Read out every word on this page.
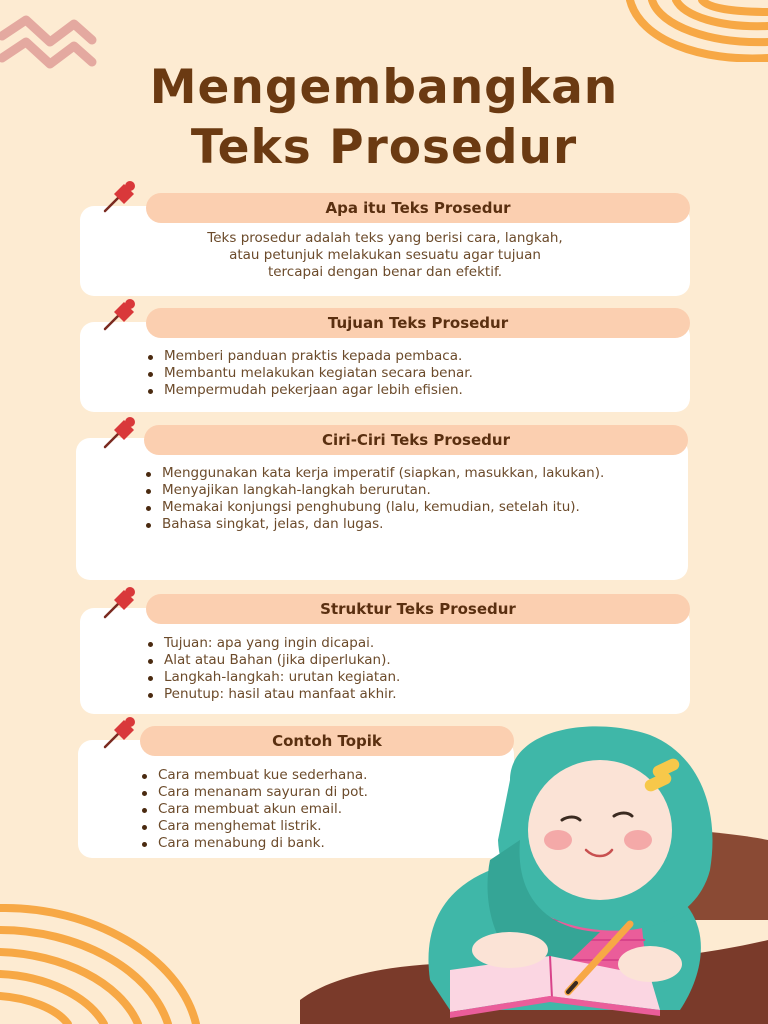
Mengembangkan
Teks Prosedur
Apa itu Teks Prosedur
Teks prosedur adalah teks yang berisi cara, langkah,
atau petunjuk melakukan sesuatu agar tujuan
tercapai dengan benar dan efektif.
Tujuan Teks Prosedur
Memberi panduan praktis kepada pembaca.
Membantu melakukan kegiatan secara benar.
Mempermudah pekerjaan agar lebih efisien.
Ciri-Ciri Teks Prosedur
Menggunakan kata kerja imperatif (siapkan, masukkan, lakukan).
Menyajikan langkah-langkah berurutan.
Memakai konjungsi penghubung (lalu, kemudian, setelah itu).
Bahasa singkat, jelas, dan lugas.
Struktur Teks Prosedur
Tujuan: apa yang ingin dicapai.
Alat atau Bahan (jika diperlukan).
Langkah-langkah: urutan kegiatan.
Penutup: hasil atau manfaat akhir.
Contoh Topik
Cara membuat kue sederhana.
Cara menanam sayuran di pot.
Cara membuat akun email.
Cara menghemat listrik.
Cara menabung di bank.
